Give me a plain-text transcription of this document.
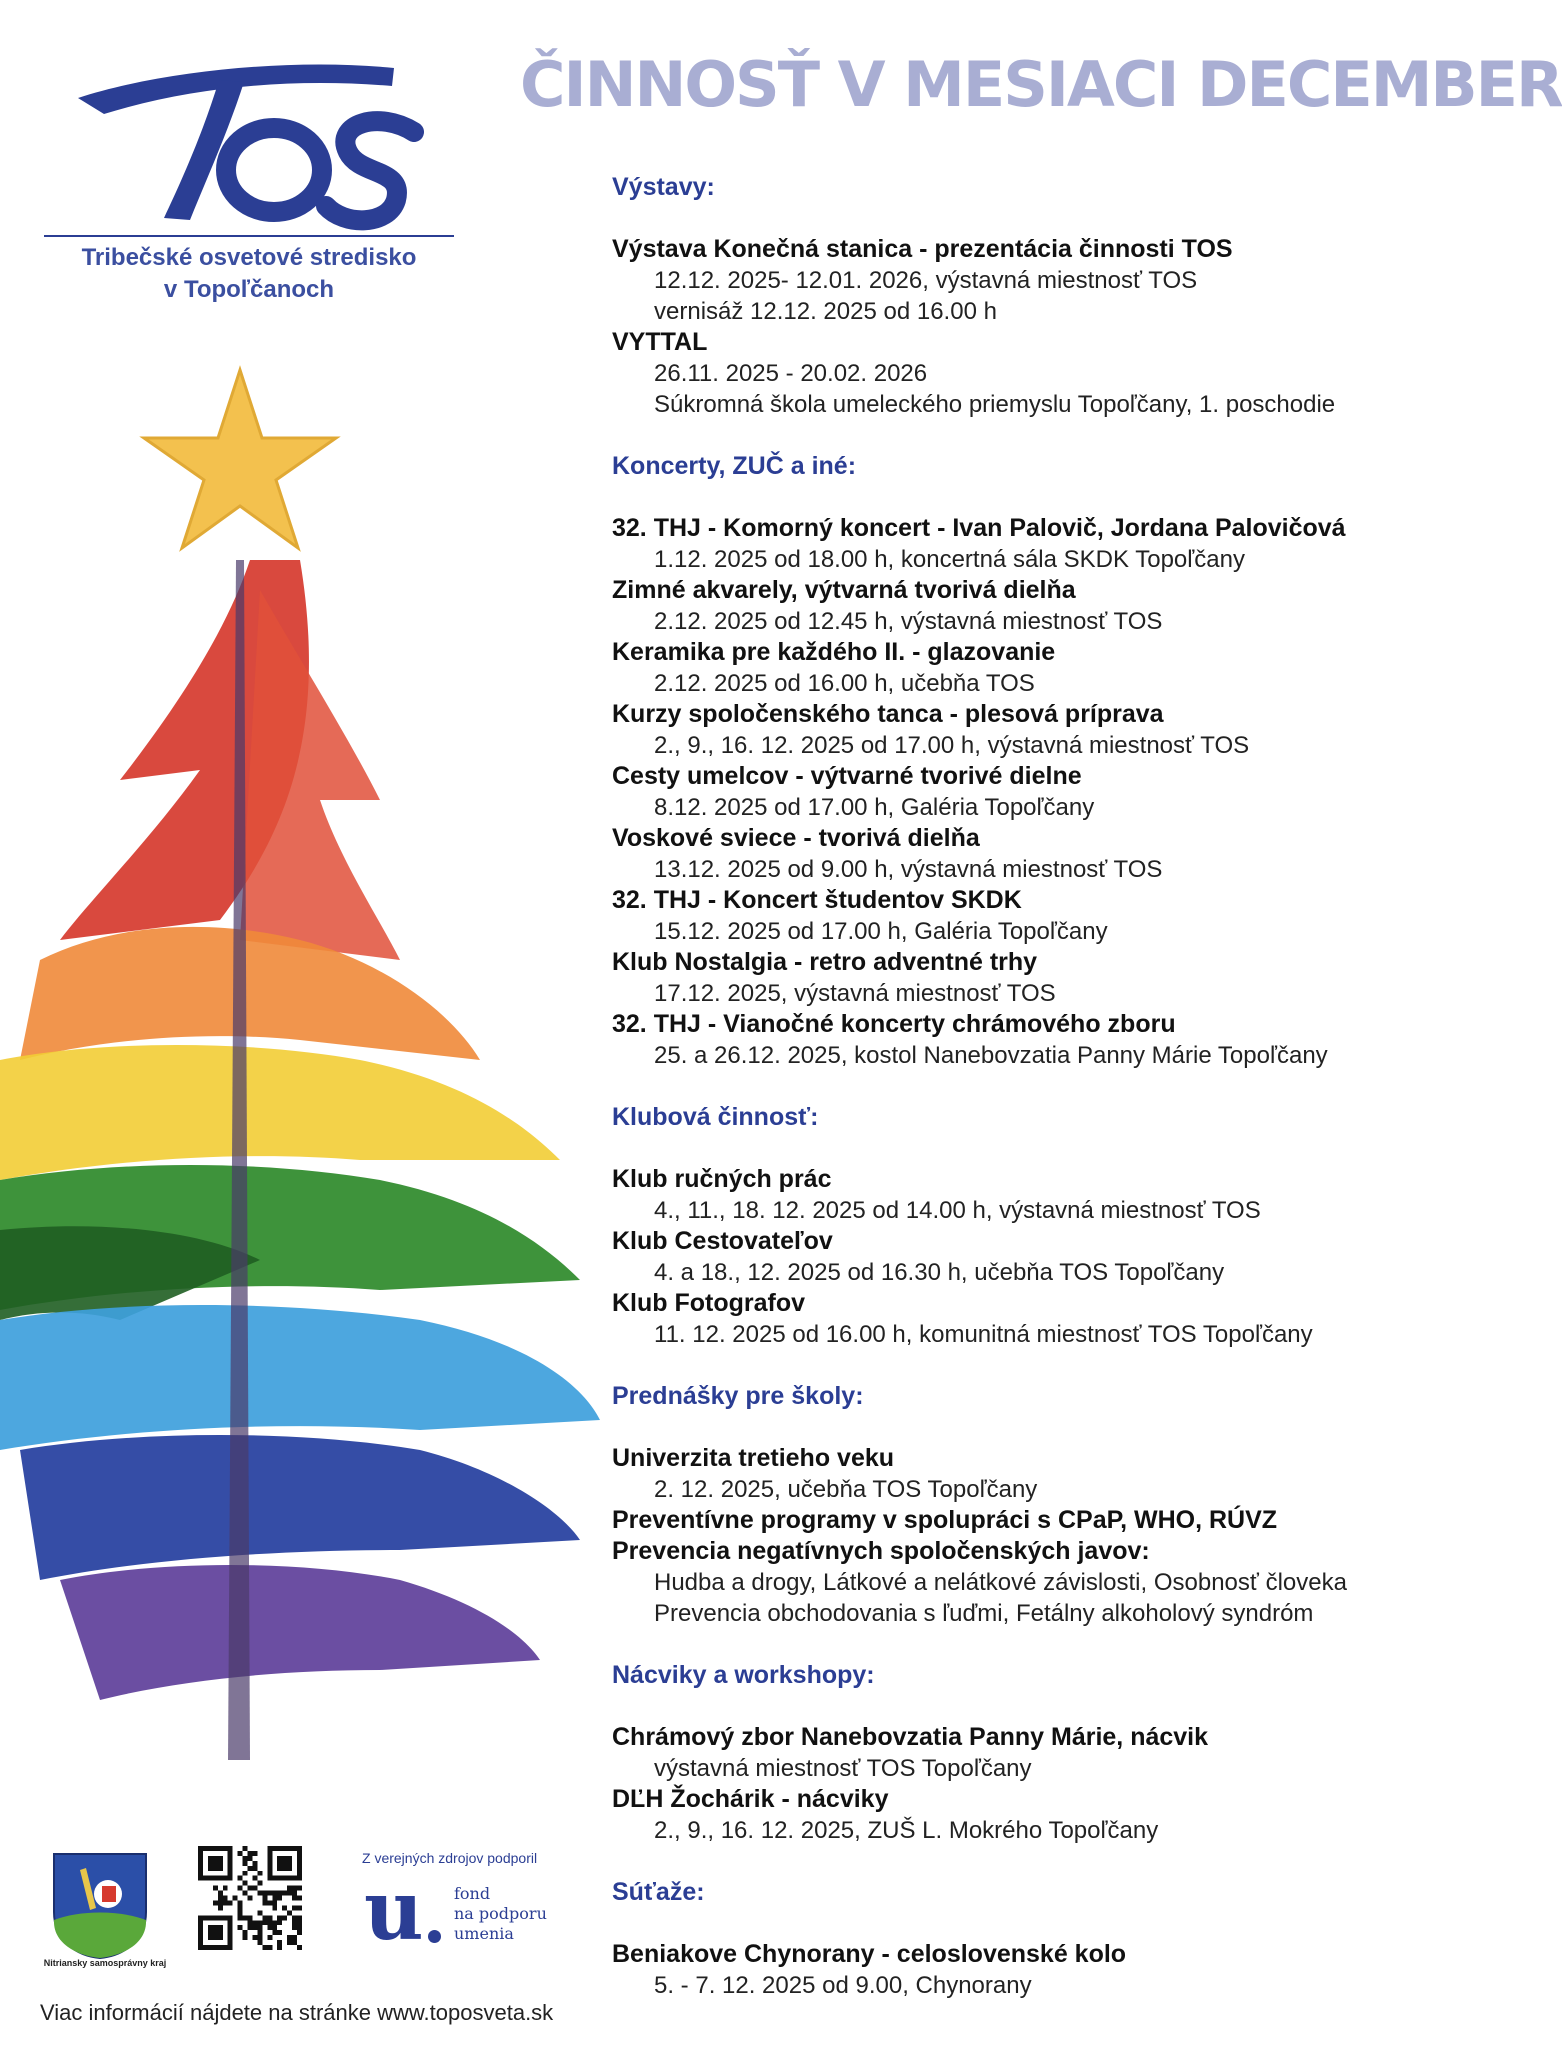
Tribečské osvetové stredisko
v Topoľčanoch
ČINNOSŤ V MESIACI DECEMBER
Výstavy:
Výstava Konečná stanica - prezentácia činnosti TOS
12.12. 2025- 12.01. 2026, výstavná miestnosť TOS
vernisáž 12.12. 2025 od 16.00 h
VYTTAL
26.11. 2025 - 20.02. 2026
Súkromná škola umeleckého priemyslu Topoľčany, 1. poschodie
Koncerty, ZUČ a iné:
32. THJ - Komorný koncert - Ivan Palovič, Jordana Palovičová
1.12. 2025 od 18.00 h, koncertná sála SKDK Topoľčany
Zimné akvarely, výtvarná tvorivá dielňa
2.12. 2025 od 12.45 h, výstavná miestnosť TOS
Keramika pre každého II. - glazovanie
2.12. 2025 od 16.00 h, učebňa TOS
Kurzy spoločenského tanca - plesová príprava
2., 9., 16. 12. 2025 od 17.00 h, výstavná miestnosť TOS
Cesty umelcov - výtvarné tvorivé dielne
8.12. 2025 od 17.00 h, Galéria Topoľčany
Voskové sviece - tvorivá dielňa
13.12. 2025 od 9.00 h, výstavná miestnosť TOS
32. THJ - Koncert študentov SKDK
15.12. 2025 od 17.00 h, Galéria Topoľčany
Klub Nostalgia - retro adventné trhy
17.12. 2025, výstavná miestnosť TOS
32. THJ - Vianočné koncerty chrámového zboru
25. a 26.12. 2025, kostol Nanebovzatia Panny Márie Topoľčany
Klubová činnosť:
Klub ručných prác
4., 11., 18. 12. 2025 od 14.00 h, výstavná miestnosť TOS
Klub Cestovateľov
4. a 18., 12. 2025 od 16.30 h, učebňa TOS Topoľčany
Klub Fotografov
11. 12. 2025 od 16.00 h, komunitná miestnosť TOS Topoľčany
Prednášky pre školy:
Univerzita tretieho veku
2. 12. 2025, učebňa TOS Topoľčany
Preventívne programy v spolupráci s CPaP, WHO, RÚVZ
Prevencia negatívnych spoločenských javov:
Hudba a drogy, Látkové a nelátkové závislosti, Osobnosť človeka
Prevencia obchodovania s ľuďmi, Fetálny alkoholový syndróm
Nácviky a workshopy:
Chrámový zbor Nanebovzatia Panny Márie, nácvik
výstavná miestnosť TOS Topoľčany
DĽH Žochárik - nácviky
2., 9., 16. 12. 2025, ZUŠ L. Mokrého Topoľčany
Súťaže:
Beniakove Chynorany - celoslovenské kolo
5. - 7. 12. 2025 od 9.00, Chynorany
Nitriansky samosprávny kraj
Z verejných zdrojov podporil
u fond
na podporu
umenia
Viac informácií nájdete na stránke www.toposveta.sk
